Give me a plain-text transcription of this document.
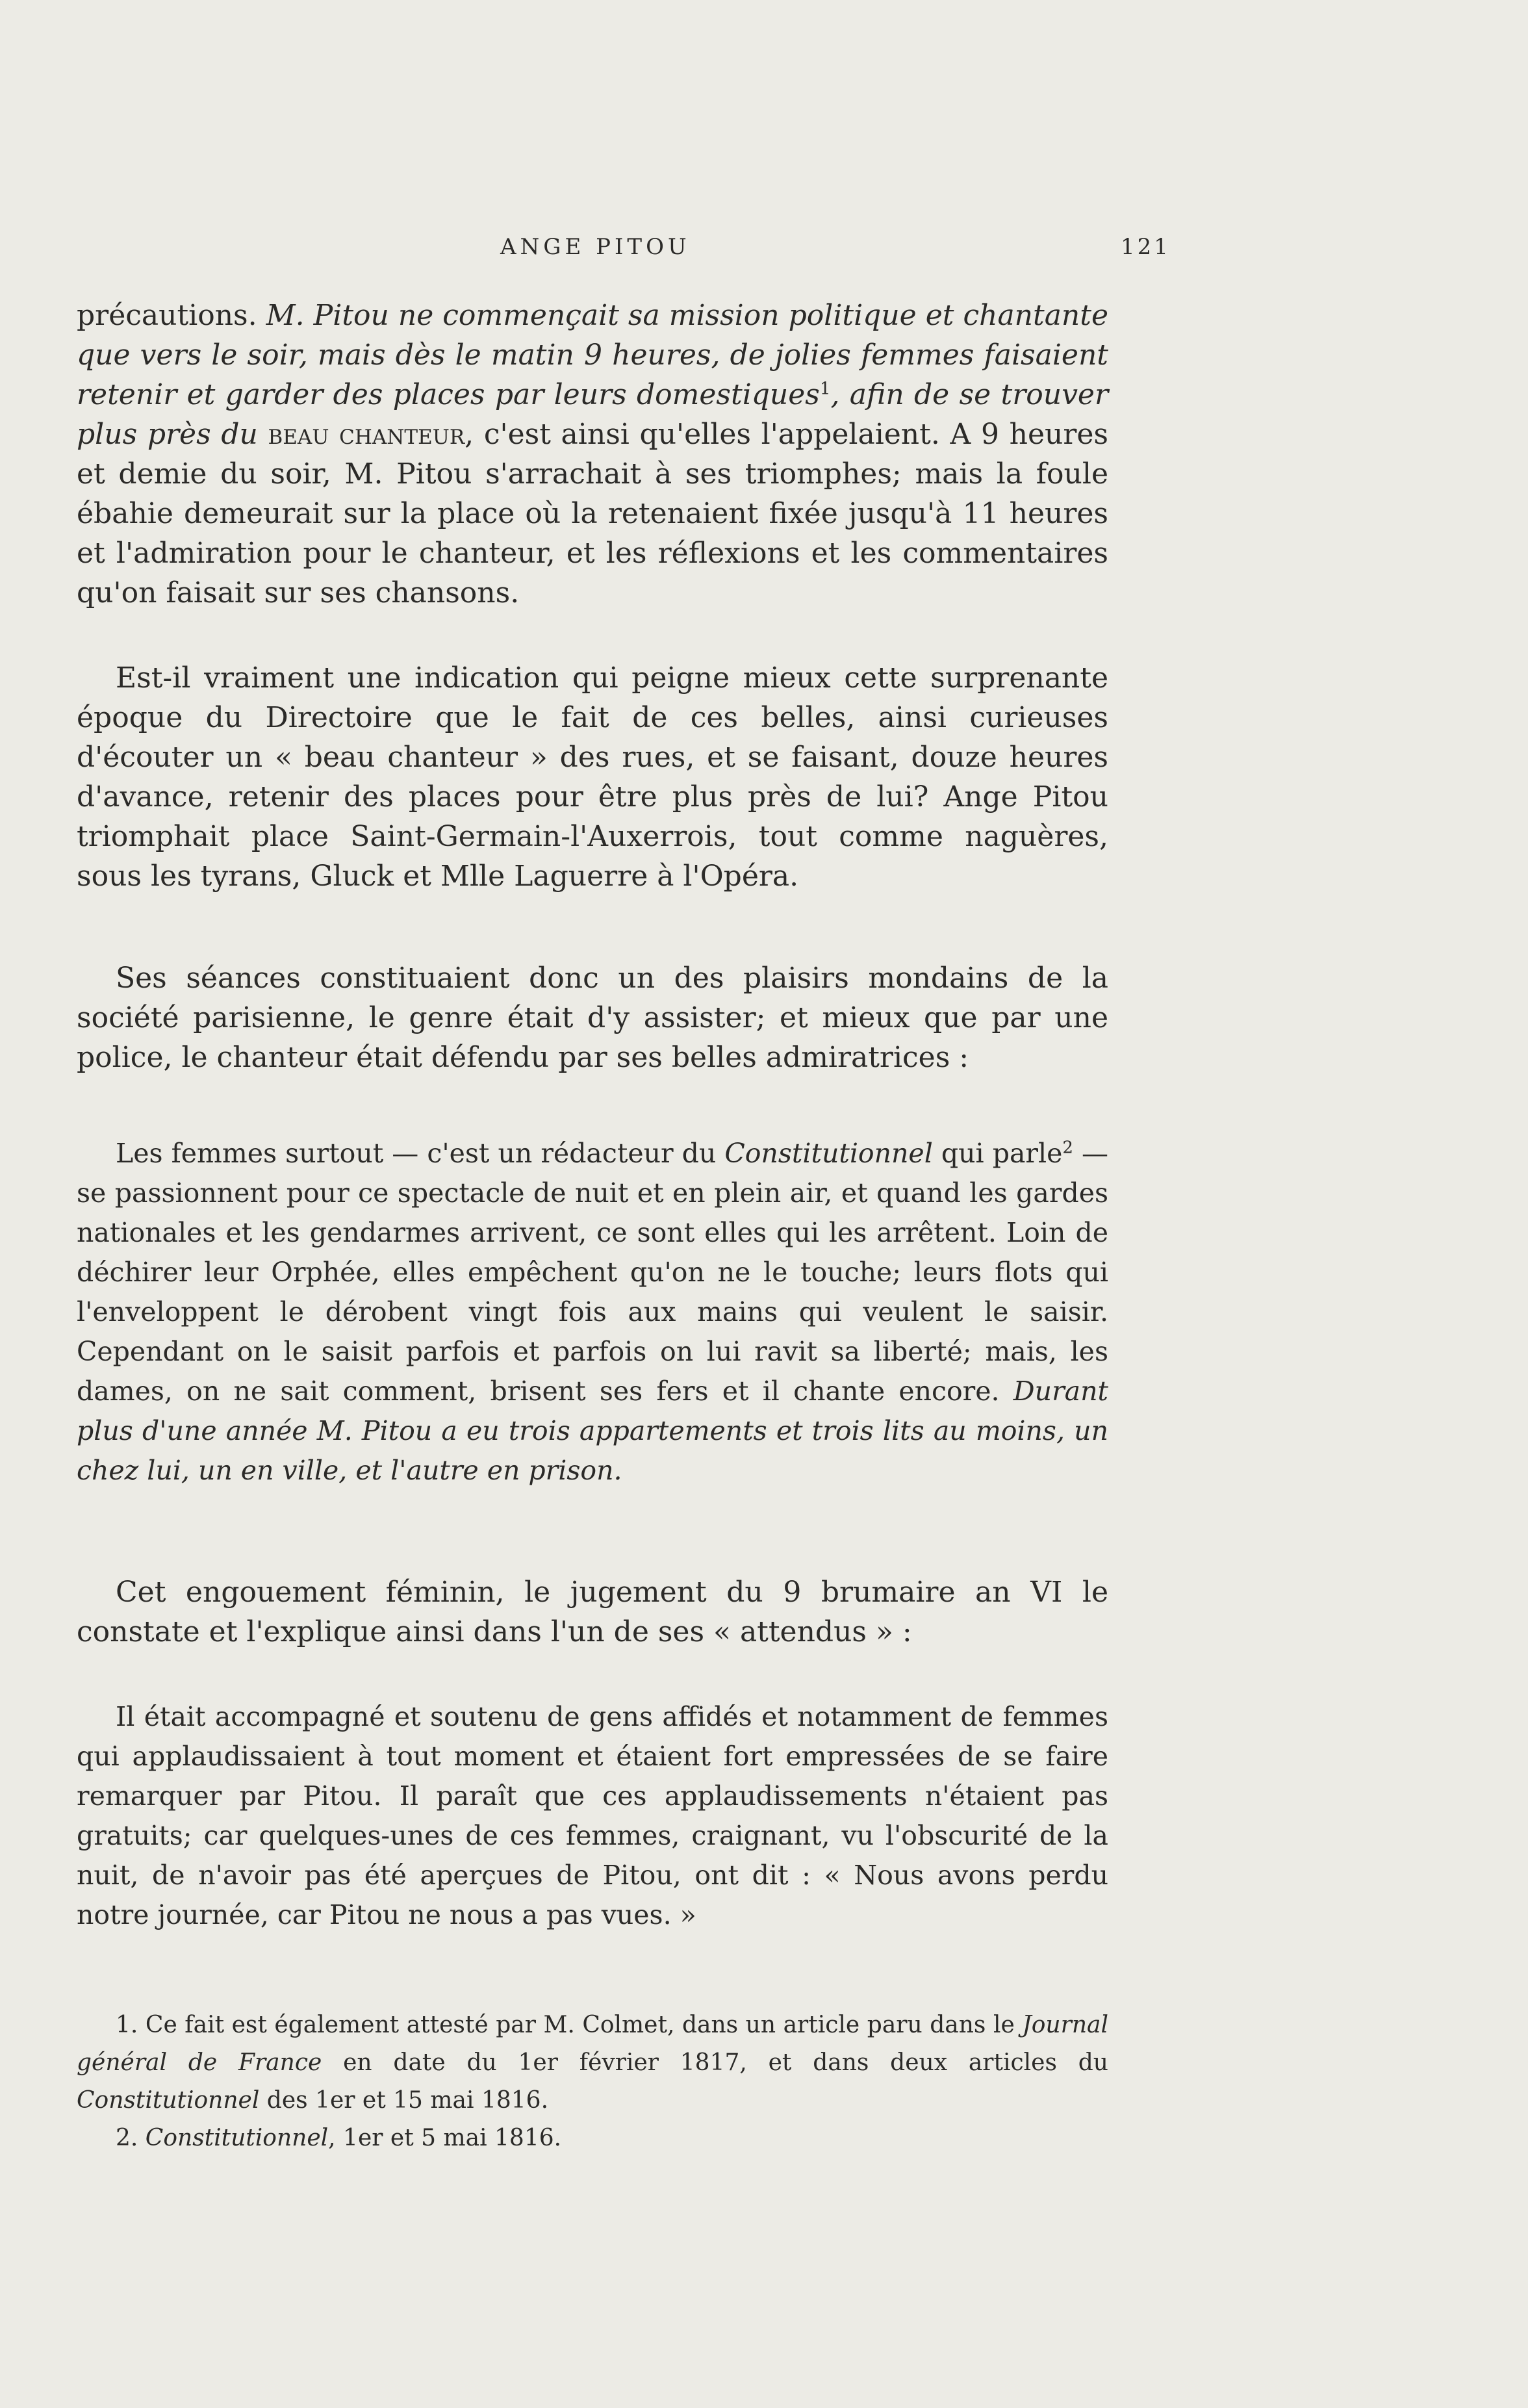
ANGE PITOU	121

précautions. M. Pitou ne commençait sa mission politique et chantante que vers le soir, mais dès le matin 9 heures, de jolies femmes faisaient retenir et garder des places par leurs domestiques$^1$, afin de se trouver plus près du beau chanteur, c'est ainsi qu'elles l'appelaient. A 9 heures et demie du soir, M. Pitou s'arrachait à ses triomphes; mais la foule ébahie demeurait sur la place où la retenaient fixée jusqu'à 11 heures et l'admiration pour le chanteur, et les réflexions et les commentaires qu'on faisait sur ses chansons.

Est-il vraiment une indication qui peigne mieux cette surprenante époque du Directoire que le fait de ces belles, ainsi curieuses d'écouter un « beau chanteur » des rues, et se faisant, douze heures d'avance, retenir des places pour être plus près de lui? Ange Pitou triomphait place Saint-Germain-l'Auxerrois, tout comme naguères, sous les tyrans, Gluck et Mlle Laguerre à l'Opéra.

Ses séances constituaient donc un des plaisirs mondains de la société parisienne, le genre était d'y assister; et mieux que par une police, le chanteur était défendu par ses belles admiratrices :

Les femmes surtout — c'est un rédacteur du Constitutionnel qui parle$^2$ — se passionnent pour ce spectacle de nuit et en plein air, et quand les gardes nationales et les gendarmes arrivent, ce sont elles qui les arrêtent. Loin de déchirer leur Orphée, elles empêchent qu'on ne le touche; leurs flots qui l'enveloppent le dérobent vingt fois aux mains qui veulent le saisir. Cependant on le saisit parfois et parfois on lui ravit sa liberté; mais, les dames, on ne sait comment, brisent ses fers et il chante encore. Durant plus d'une année M. Pitou a eu trois appartements et trois lits au moins, un chez lui, un en ville, et l'autre en prison.

Cet engouement féminin, le jugement du 9 brumaire an VI le constate et l'explique ainsi dans l'un de ses « attendus » :

Il était accompagné et soutenu de gens affidés et notamment de femmes qui applaudissaient à tout moment et étaient fort empressées de se faire remarquer par Pitou. Il paraît que ces applaudissements n'étaient pas gratuits; car quelques-unes de ces femmes, craignant, vu l'obscurité de la nuit, de n'avoir pas été aperçues de Pitou, ont dit : « Nous avons perdu notre journée, car Pitou ne nous a pas vues. »

1. Ce fait est également attesté par M. Colmet, dans un article paru dans le Journal général de France en date du 1er février 1817, et dans deux articles du Constitutionnel des 1er et 15 mai 1816.

2. Constitutionnel, 1er et 5 mai 1816.
